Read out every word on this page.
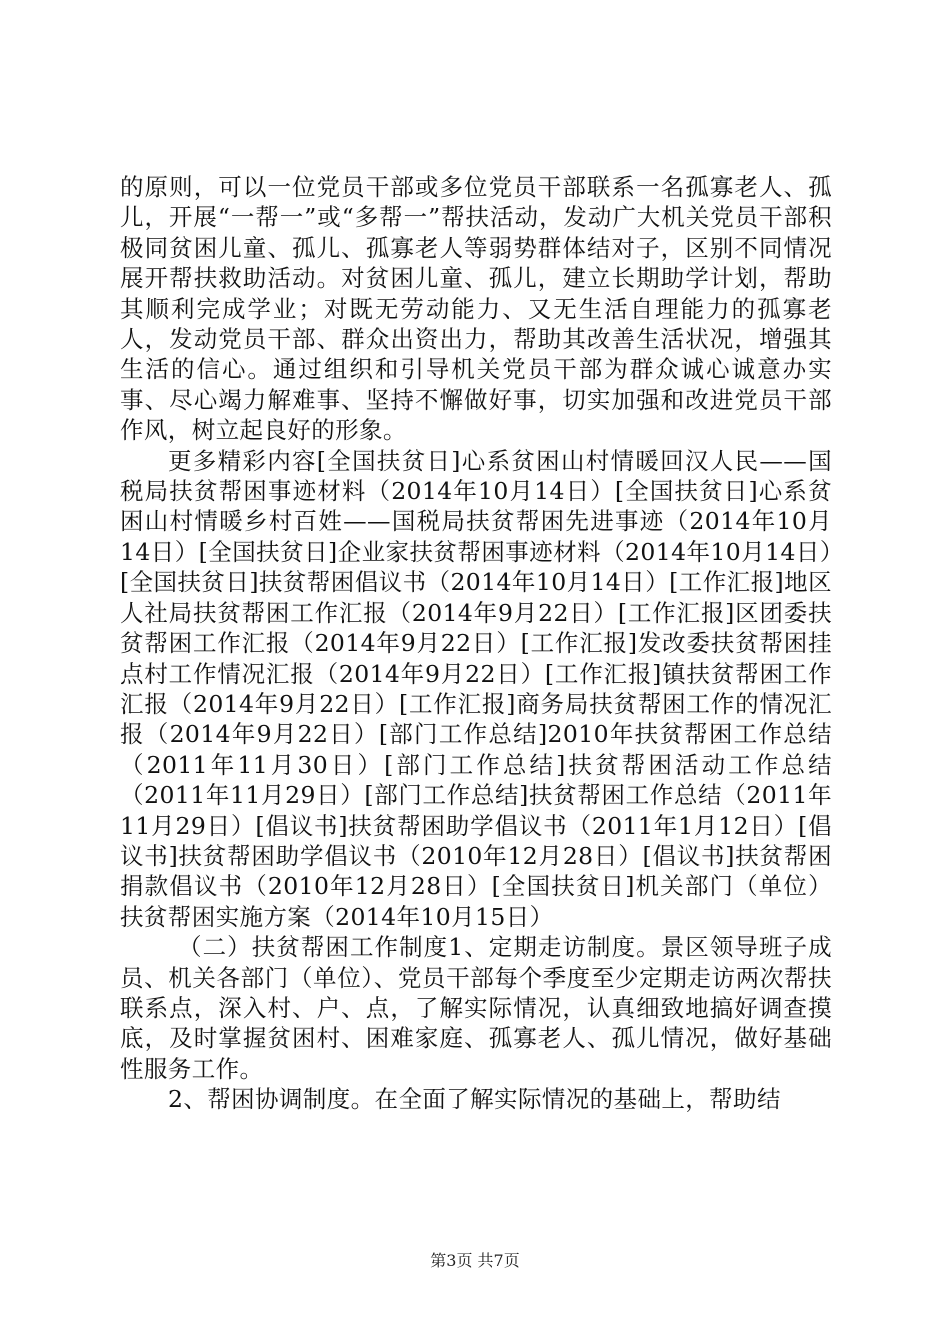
的原则，可以一位党员干部或多位党员干部联系一名孤寡老人、孤儿，开展“一帮一”或“多帮一”帮扶活动，发动广大机关党员干部积极同贫困儿童、孤儿、孤寡老人等弱势群体结对子，区别不同情况展开帮扶救助活动。对贫困儿童、孤儿，建立长期助学计划，帮助其顺利完成学业；对既无劳动能力、又无生活自理能力的孤寡老人，发动党员干部、群众出资出力，帮助其改善生活状况，增强其生活的信心。通过组织和引导机关党员干部为群众诚心诚意办实事、尽心竭力解难事、坚持不懈做好事，切实加强和改进党员干部作风，树立起良好的形象。

更多精彩内容[全国扶贫日]心系贫困山村情暖回汉人民——国税局扶贫帮困事迹材料（2014年10月14日）[全国扶贫日]心系贫困山村情暖乡村百姓——国税局扶贫帮困先进事迹（2014年10月14日）[全国扶贫日]企业家扶贫帮困事迹材料（2014年10月14日）[全国扶贫日]扶贫帮困倡议书（2014年10月14日）[工作汇报]地区人社局扶贫帮困工作汇报（2014年9月22日）[工作汇报]区团委扶贫帮困工作汇报（2014年9月22日）[工作汇报]发改委扶贫帮困挂点村工作情况汇报（2014年9月22日）[工作汇报]镇扶贫帮困工作汇报（2014年9月22日）[工作汇报]商务局扶贫帮困工作的情况汇报（2014年9月22日）[部门工作总结]2010年扶贫帮困工作总结（2011年11月30日）[部门工作总结]扶贫帮困活动工作总结（2011年11月29日）[部门工作总结]扶贫帮困工作总结（2011年11月29日）[倡议书]扶贫帮困助学倡议书（2011年1月12日）[倡议书]扶贫帮困助学倡议书（2010年12月28日）[倡议书]扶贫帮困捐款倡议书（2010年12月28日）[全国扶贫日]机关部门（单位）扶贫帮困实施方案（2014年10月15日）

（二）扶贫帮困工作制度1、定期走访制度。景区领导班子成员、机关各部门（单位）、党员干部每个季度至少定期走访两次帮扶联系点，深入村、户、点，了解实际情况，认真细致地搞好调查摸底，及时掌握贫困村、困难家庭、孤寡老人、孤儿情况，做好基础性服务工作。

2、帮困协调制度。在全面了解实际情况的基础上，帮助结

第3页 共7页
